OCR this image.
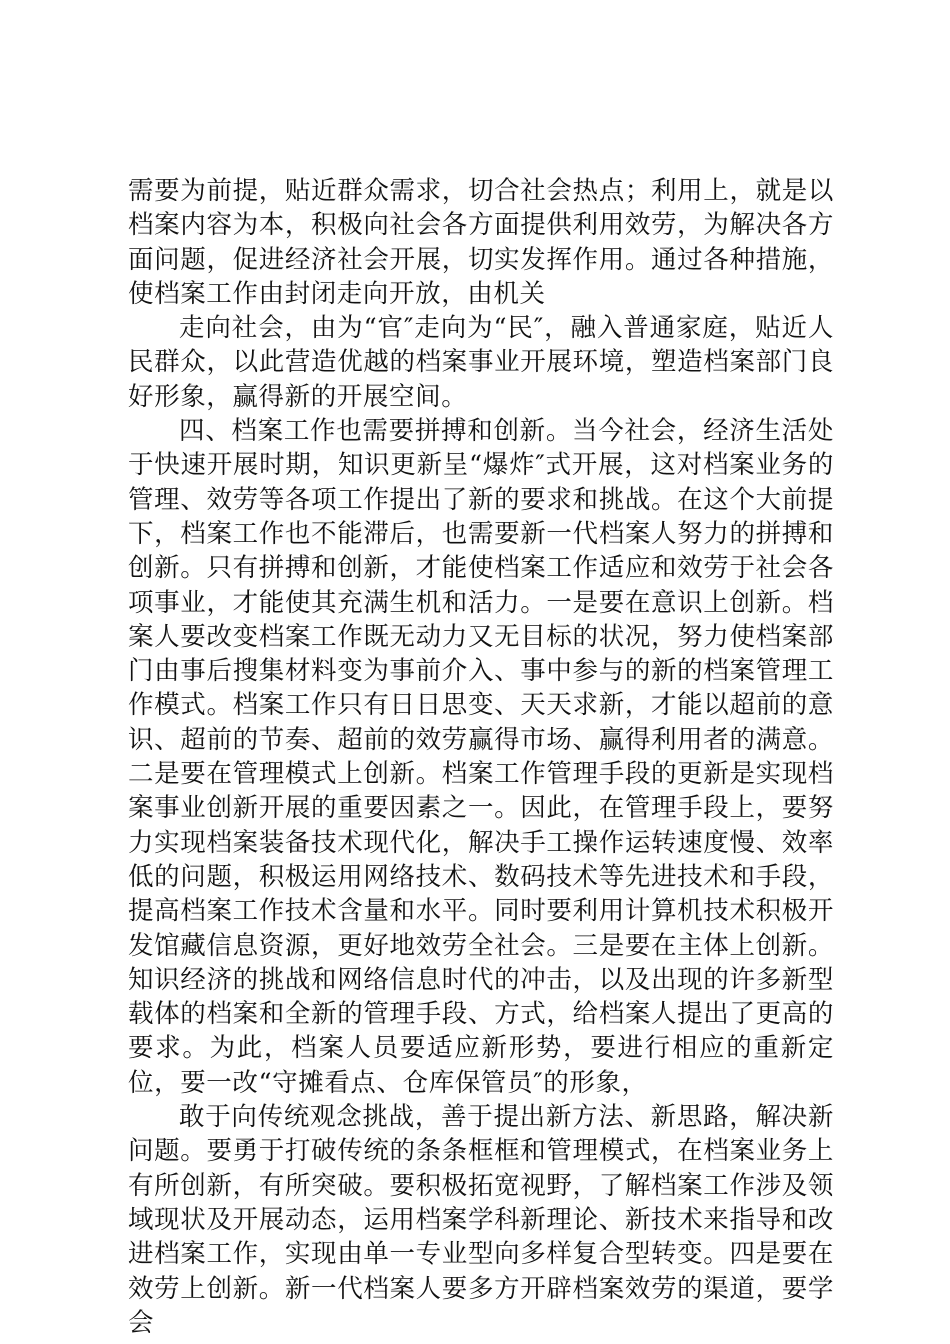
需要为前提，贴近群众需求，切合社会热点；利用上，就是以档案内容为本，积极向社会各方面提供利用效劳，为解决各方面问题，促进经济社会开展，切实发挥作用。通过各种措施，使档案工作由封闭走向开放，由机关

走向社会，由为“官″走向为“民″，融入普通家庭，贴近人民群众，以此营造优越的档案事业开展环境，塑造档案部门良好形象，赢得新的开展空间。

四、档案工作也需要拼搏和创新。当今社会，经济生活处于快速开展时期，知识更新呈“爆炸″式开展，这对档案业务的管理、效劳等各项工作提出了新的要求和挑战。在这个大前提下，档案工作也不能滞后，也需要新一代档案人努力的拼搏和创新。只有拼搏和创新，才能使档案工作适应和效劳于社会各项事业，才能使其充满生机和活力。一是要在意识上创新。档案人要改变档案工作既无动力又无目标的状况，努力使档案部门由事后搜集材料变为事前介入、事中参与的新的档案管理工作模式。档案工作只有日日思变、天天求新，才能以超前的意识、超前的节奏、超前的效劳赢得市场、赢得利用者的满意。二是要在管理模式上创新。档案工作管理手段的更新是实现档案事业创新开展的重要因素之一。因此，在管理手段上，要努力实现档案装备技术现代化，解决手工操作运转速度慢、效率低的问题，积极运用网络技术、数码技术等先进技术和手段，提高档案工作技术含量和水平。同时要利用计算机技术积极开发馆藏信息资源，更好地效劳全社会。三是要在主体上创新。知识经济的挑战和网络信息时代的冲击，以及出现的许多新型载体的档案和全新的管理手段、方式，给档案人提出了更高的要求。为此，档案人员要适应新形势，要进行相应的重新定位，要一改“守摊看点、仓库保管员″的形象，

敢于向传统观念挑战，善于提出新方法、新思路，解决新问题。要勇于打破传统的条条框框和管理模式，在档案业务上有所创新，有所突破。要积极拓宽视野，了解档案工作涉及领域现状及开展动态，运用档案学科新理论、新技术来指导和改进档案工作，实现由单一专业型向多样复合型转变。四是要在效劳上创新。新一代档案人要多方开辟档案效劳的渠道，要学会
